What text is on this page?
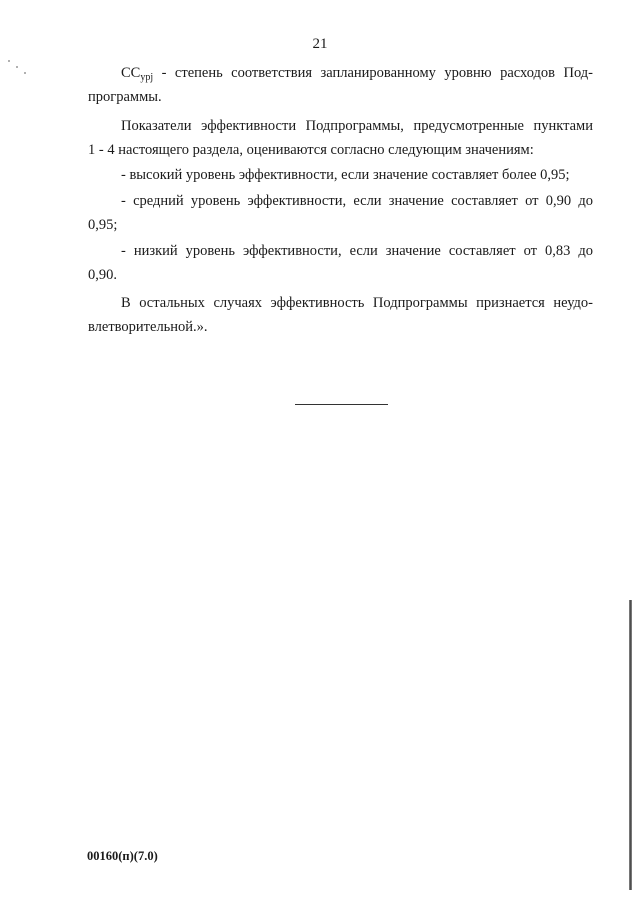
21
$СС_{урј}$ - степень соответствия запланированному уровню расходов Под-
программы.
Показатели эффективности Подпрограммы, предусмотренные пунктами
1 - 4 настоящего раздела, оцениваются согласно следующим значениям:
- высокий уровень эффективности, если значение составляет более 0,95;
- средний уровень эффективности, если значение составляет от 0,90 до
0,95;
- низкий уровень эффективности, если значение составляет от 0,83 до
0,90.
В остальных случаях эффективность Подпрограммы признается неудо-
влетворительной.».
00160(п)(7.0)
